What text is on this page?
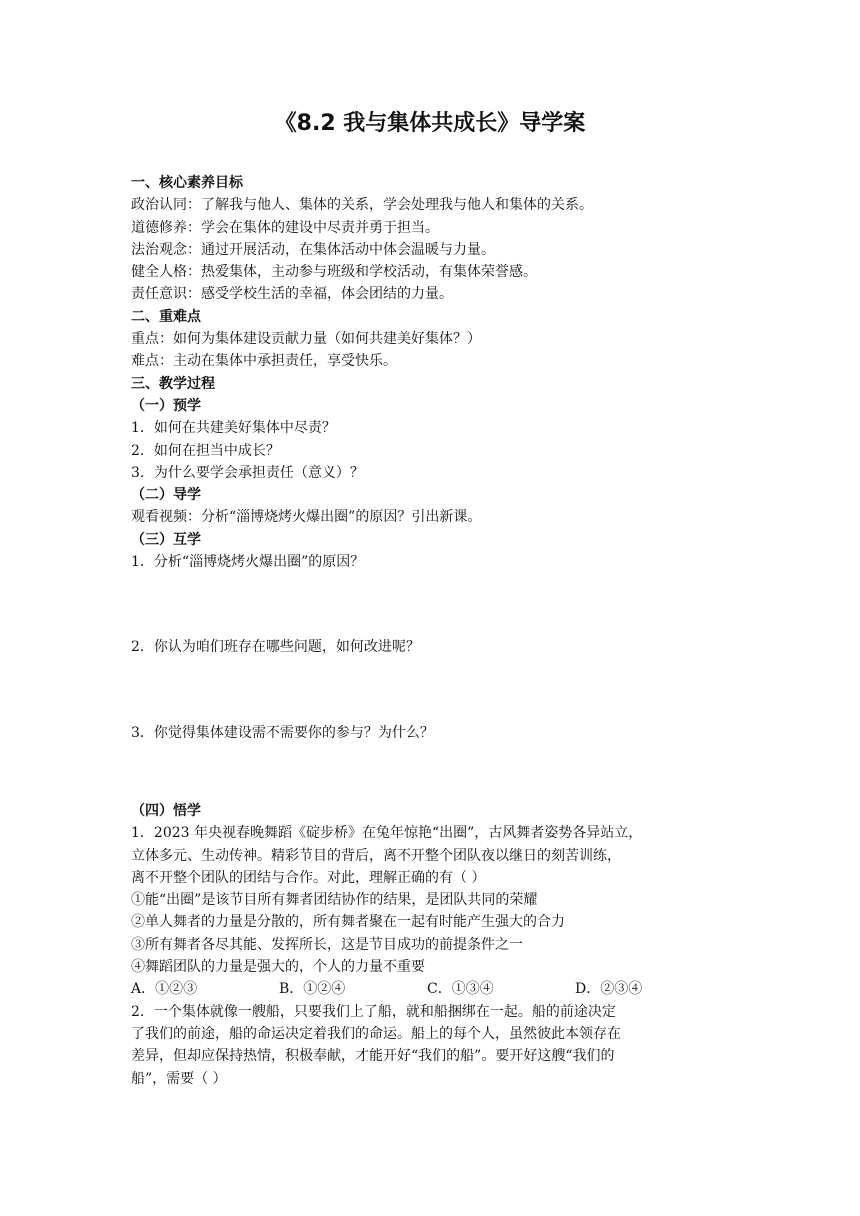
《8.2 我与集体共成长》导学案

一、核心素养目标

政治认同：了解我与他人、集体的关系，学会处理我与他人和集体的关系。

道德修养：学会在集体的建设中尽责并勇于担当。

法治观念：通过开展活动，在集体活动中体会温暖与力量。

健全人格：热爱集体，主动参与班级和学校活动，有集体荣誉感。

责任意识：感受学校生活的幸福，体会团结的力量。

二、重难点

重点：如何为集体建设贡献力量（如何共建美好集体？）

难点：主动在集体中承担责任，享受快乐。

三、教学过程

（一）预学

1．如何在共建美好集体中尽责？

2．如何在担当中成长？

3．为什么要学会承担责任（意义）？

（二）导学

观看视频：分析“淄博烧烤火爆出圈”的原因？引出新课。

（三）互学

1．分析“淄博烧烤火爆出圈”的原因？

2．你认为咱们班存在哪些问题，如何改进呢？

3．你觉得集体建设需不需要你的参与？为什么？

（四）悟学

1．2023 年央视春晚舞蹈《碇步桥》在兔年惊艳“出圈”，古风舞者姿势各异站立，

立体多元、生动传神。精彩节目的背后，离不开整个团队夜以继日的刻苦训练，

离不开整个团队的团结与合作。对此，理解正确的有（ ）

①能“出圈”是该节目所有舞者团结协作的结果，是团队共同的荣耀

②单人舞者的力量是分散的，所有舞者聚在一起有时能产生强大的合力

③所有舞者各尽其能、发挥所长，这是节目成功的前提条件之一

④舞蹈团队的力量是强大的，个人的力量不重要

A．①②③	B．①②④	C．①③④	D．②③④

2．一个集体就像一艘船，只要我们上了船，就和船捆绑在一起。船的前途决定

了我们的前途，船的命运决定着我们的命运。船上的每个人，虽然彼此本领存在

差异，但却应保持热情，积极奉献，才能开好“我们的船”。要开好这艘“我们的

船”，需要（ ）
